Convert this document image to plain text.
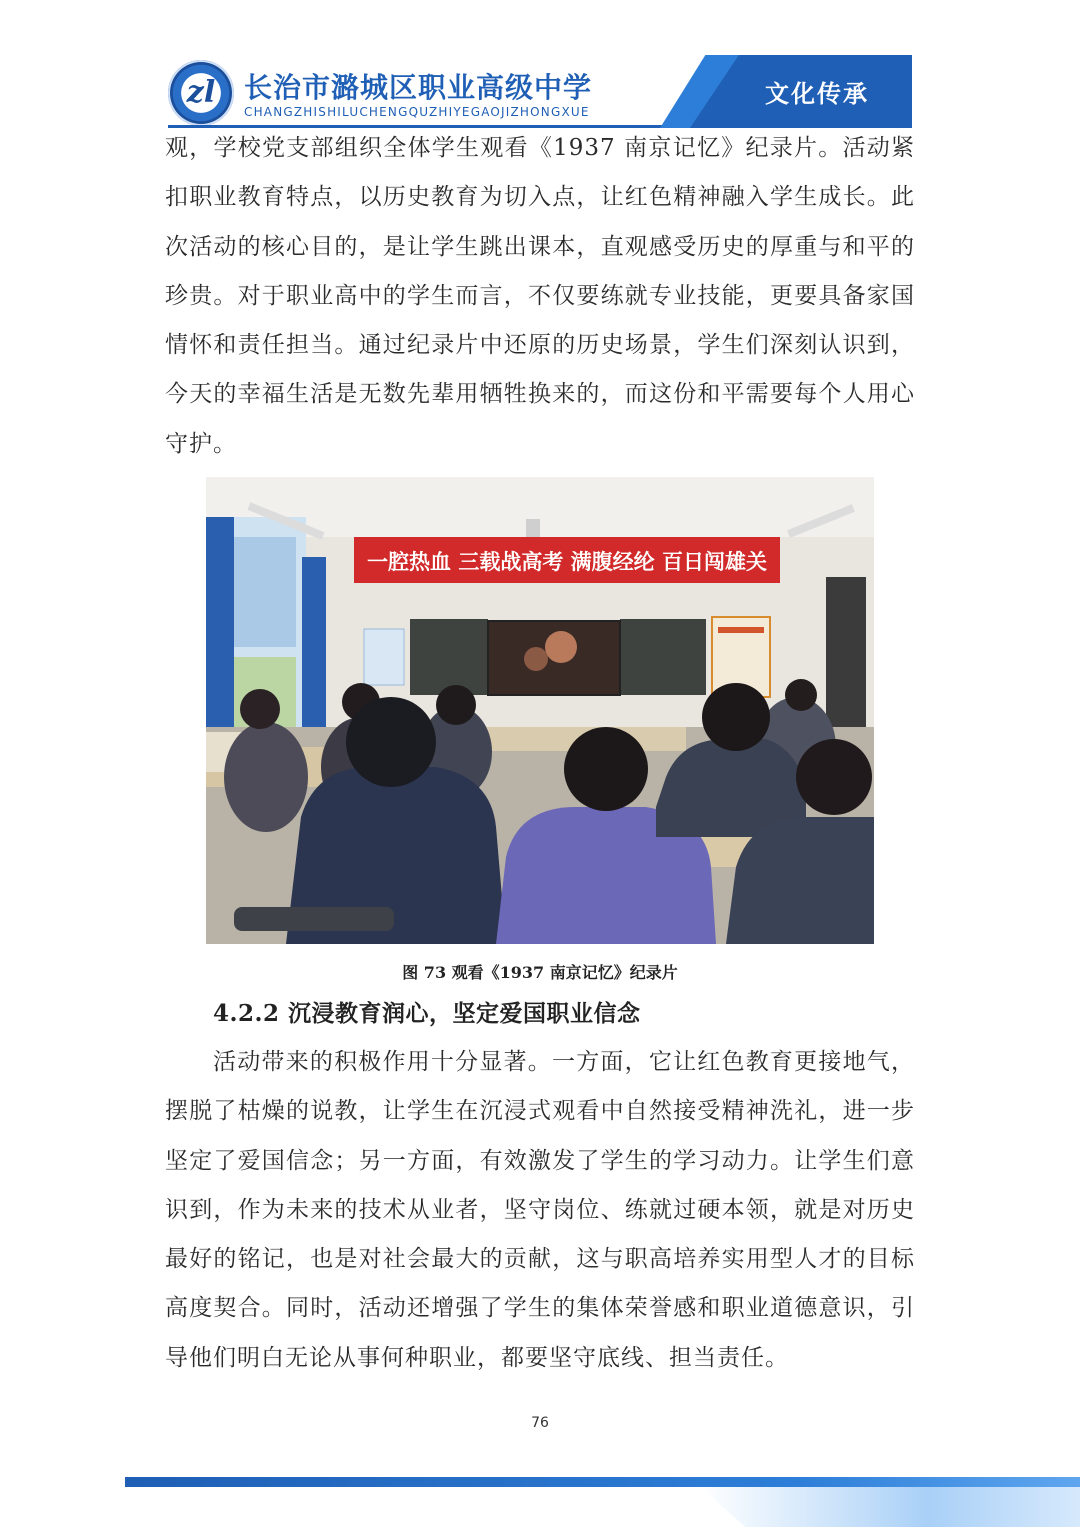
zl 长治市潞城区职业高级中学
CHANGZHISHILUCHENGQUZHIYEGAOJIZHONGXUE
文化传承
观，学校党支部组织全体学生观看《1937 南京记忆》纪录片。活动紧扣职业教育特点，以历史教育为切入点，让红色精神融入学生成长。此次活动的核心目的，是让学生跳出课本，直观感受历史的厚重与和平的珍贵。对于职业高中的学生而言，不仅要练就专业技能，更要具备家国情怀和责任担当。通过纪录片中还原的历史场景，学生们深刻认识到，今天的幸福生活是无数先辈用牺牲换来的，而这份和平需要每个人用心守护。
一腔热血 三载战高考 满腹经纶 百日闯雄关
图 73 观看《1937 南京记忆》纪录片
4.2.2 沉浸教育润心，坚定爱国职业信念
活动带来的积极作用十分显著。一方面，它让红色教育更接地气，摆脱了枯燥的说教，让学生在沉浸式观看中自然接受精神洗礼，进一步坚定了爱国信念；另一方面，有效激发了学生的学习动力。让学生们意识到，作为未来的技术从业者，坚守岗位、练就过硬本领，就是对历史最好的铭记，也是对社会最大的贡献，这与职高培养实用型人才的目标高度契合。同时，活动还增强了学生的集体荣誉感和职业道德意识，引导他们明白无论从事何种职业，都要坚守底线、担当责任。
76
